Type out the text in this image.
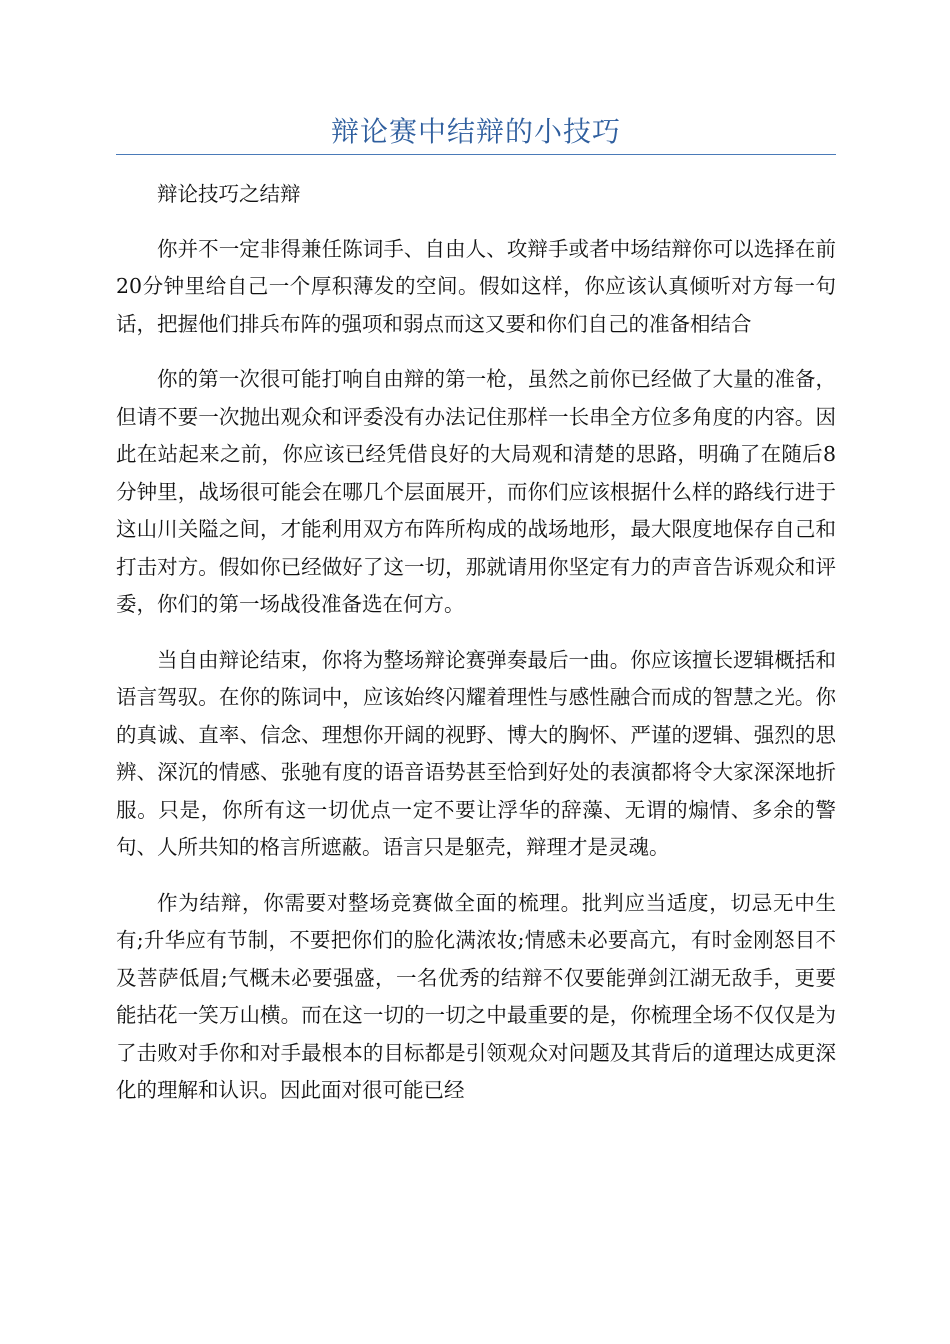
辩论赛中结辩的小技巧

辩论技巧之结辩

你并不一定非得兼任陈词手、自由人、攻辩手或者中场结辩你可以选择在前20分钟里给自己一个厚积薄发的空间。假如这样，你应该认真倾听对方每一句话，把握他们排兵布阵的强项和弱点而这又要和你们自己的准备相结合

你的第一次很可能打响自由辩的第一枪，虽然之前你已经做了大量的准备，但请不要一次抛出观众和评委没有办法记住那样一长串全方位多角度的内容。因此在站起来之前，你应该已经凭借良好的大局观和清楚的思路，明确了在随后8分钟里，战场很可能会在哪几个层面展开，而你们应该根据什么样的路线行进于这山川关隘之间，才能利用双方布阵所构成的战场地形，最大限度地保存自己和打击对方。假如你已经做好了这一切，那就请用你坚定有力的声音告诉观众和评委，你们的第一场战役准备选在何方。

当自由辩论结束，你将为整场辩论赛弹奏最后一曲。你应该擅长逻辑概括和语言驾驭。在你的陈词中，应该始终闪耀着理性与感性融合而成的智慧之光。你的真诚、直率、信念、理想你开阔的视野、博大的胸怀、严谨的逻辑、强烈的思辨、深沉的情感、张驰有度的语音语势甚至恰到好处的表演都将令大家深深地折服。只是，你所有这一切优点一定不要让浮华的辞藻、无谓的煽情、多余的警句、人所共知的格言所遮蔽。语言只是躯壳，辩理才是灵魂。

作为结辩，你需要对整场竞赛做全面的梳理。批判应当适度，切忌无中生有;升华应有节制，不要把你们的脸化满浓妆;情感未必要高亢，有时金刚怒目不及菩萨低眉;气概未必要强盛，一名优秀的结辩不仅要能弹剑江湖无敌手，更要能拈花一笑万山横。而在这一切的一切之中最重要的是，你梳理全场不仅仅是为了击败对手你和对手最根本的目标都是引领观众对问题及其背后的道理达成更深化的理解和认识。因此面对很可能已经
